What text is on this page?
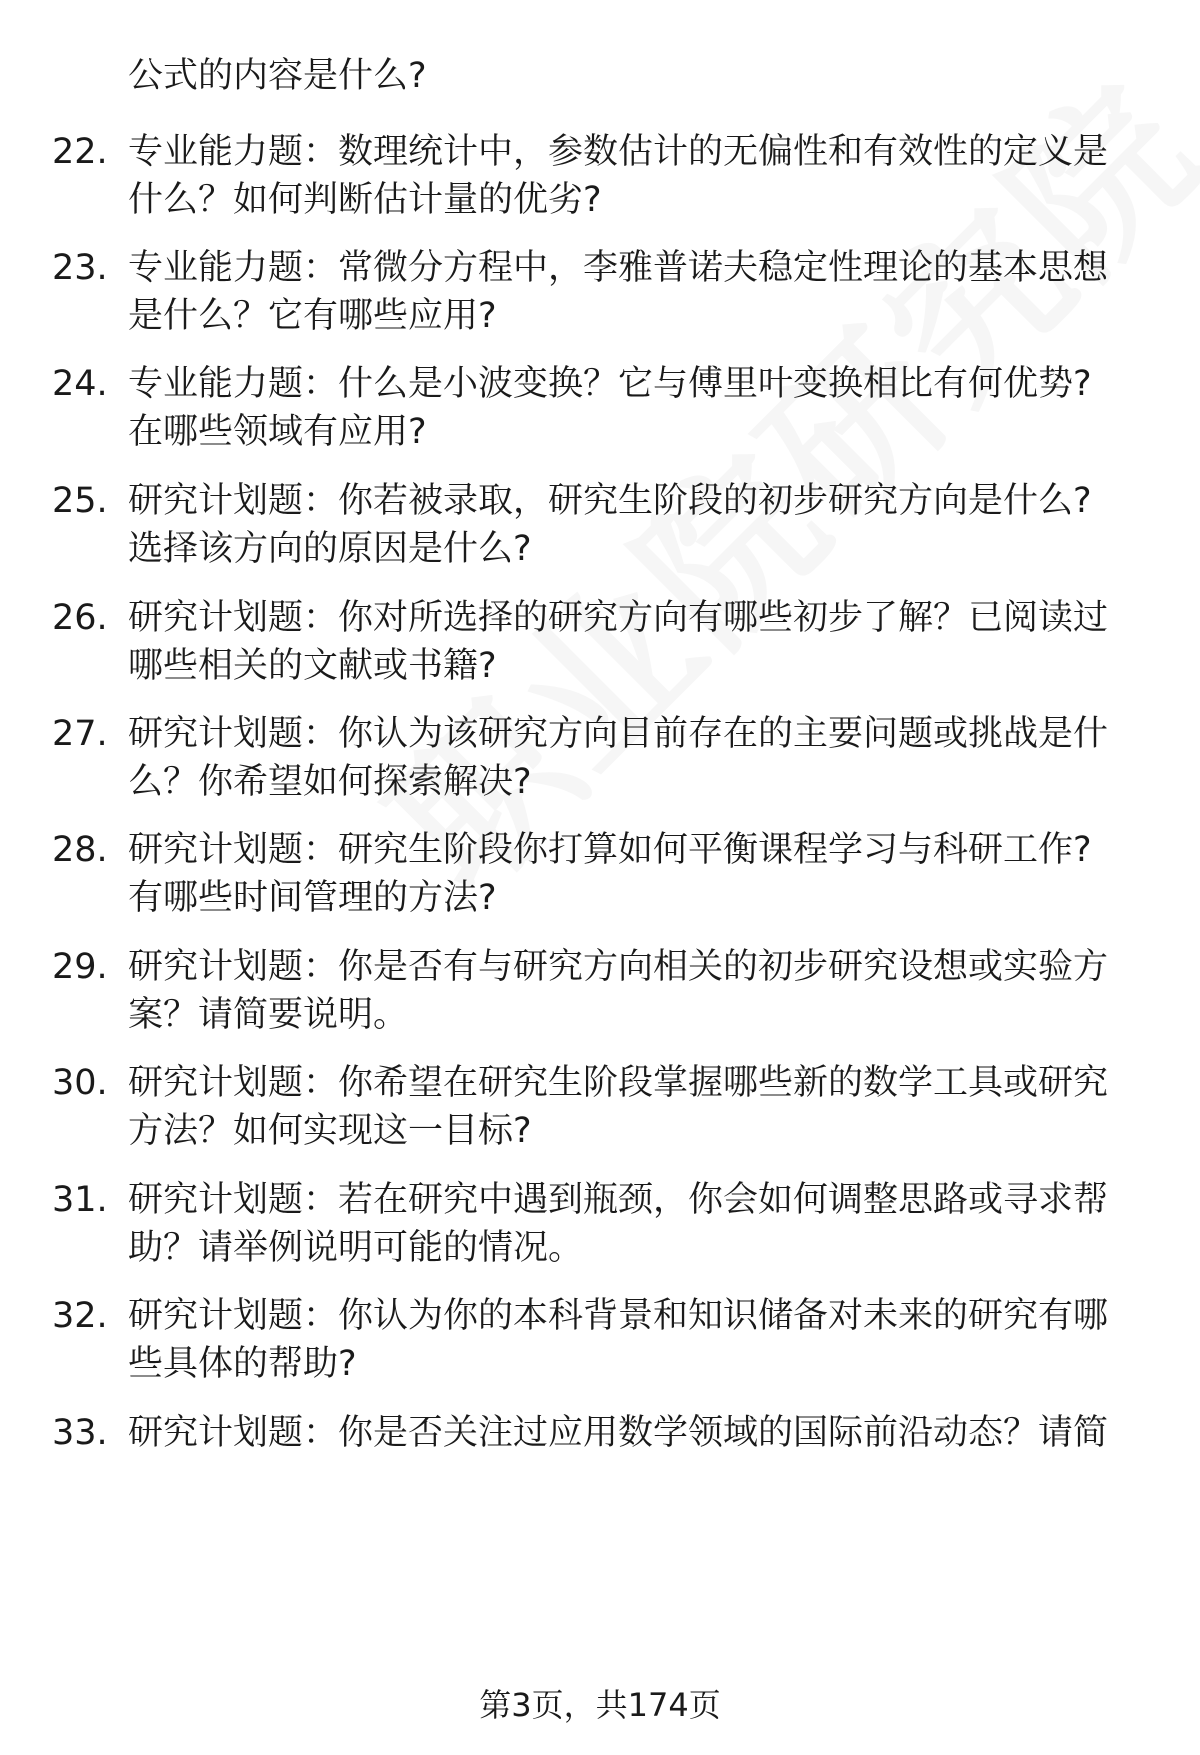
公式的内容是什么?
22. 专业能力题：数理统计中，参数估计的无偏性和有效性的定义是
什么？如何判断估计量的优劣?
23. 专业能力题：常微分方程中，李雅普诺夫稳定性理论的基本思想
是什么？它有哪些应用?
24. 专业能力题：什么是小波变换？它与傅里叶变换相比有何优势?
在哪些领域有应用?
25. 研究计划题：你若被录取，研究生阶段的初步研究方向是什么?
选择该方向的原因是什么?
26. 研究计划题：你对所选择的研究方向有哪些初步了解？已阅读过
哪些相关的文献或书籍?
27. 研究计划题：你认为该研究方向目前存在的主要问题或挑战是什
么？你希望如何探索解决?
28. 研究计划题：研究生阶段你打算如何平衡课程学习与科研工作?
有哪些时间管理的方法?
29. 研究计划题：你是否有与研究方向相关的初步研究设想或实验方
案？请简要说明。
30. 研究计划题：你希望在研究生阶段掌握哪些新的数学工具或研究
方法？如何实现这一目标?
31. 研究计划题：若在研究中遇到瓶颈，你会如何调整思路或寻求帮
助？请举例说明可能的情况。
32. 研究计划题：你认为你的本科背景和知识储备对未来的研究有哪
些具体的帮助?
33. 研究计划题：你是否关注过应用数学领域的国际前沿动态？请简
第3页，共174页
